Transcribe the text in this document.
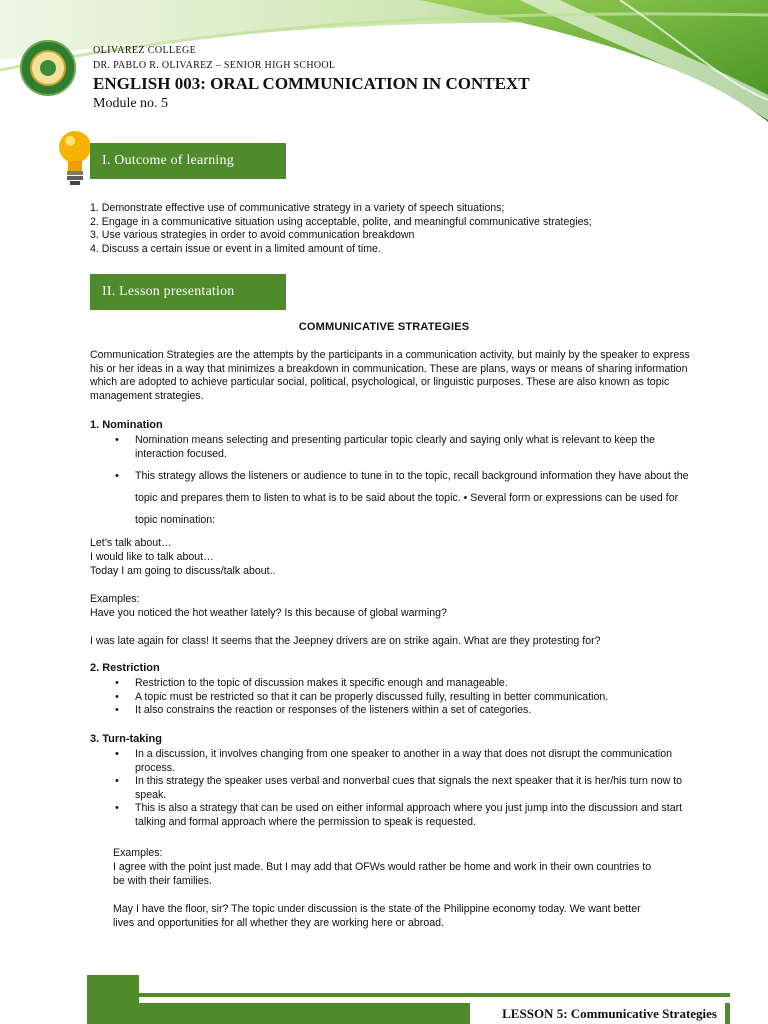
OLIVAREZ COLLEGE
DR. PABLO R. OLIVAREZ – SENIOR HIGH SCHOOL
ENGLISH 003: ORAL COMMUNICATION IN CONTEXT
Module no. 5
I. Outcome of learning
1. Demonstrate effective use of communicative strategy in a variety of speech situations;
2. Engage in a communicative situation using acceptable, polite, and meaningful communicative strategies;
3. Use various strategies in order to avoid communication breakdown
4. Discuss a certain issue or event in a limited amount of time.
II. Lesson presentation
COMMUNICATIVE STRATEGIES
Communication Strategies are the attempts by the participants in a communication activity, but mainly by the speaker to express his or her ideas in a way that minimizes a breakdown in communication. These are plans, ways or means of sharing information which are adopted to achieve particular social, political, psychological, or linguistic purposes. These are also known as topic management strategies.
1. Nomination
• Nomination means selecting and presenting particular topic clearly and saying only what is relevant to keep the interaction focused.
• This strategy allows the listeners or audience to tune in to the topic, recall background information they have about the topic and prepares them to listen to what is to be said about the topic. • Several form or expressions can be used for topic nomination:
Let’s talk about…
I would like to talk about…
Today I am going to discuss/talk about..
Examples:
Have you noticed the hot weather lately? Is this because of global warming?
I was late again for class! It seems that the Jeepney drivers are on strike again. What are they protesting for?
2. Restriction
• Restriction to the topic of discussion makes it specific enough and manageable.
• A topic must be restricted so that it can be properly discussed fully, resulting in better communication.
• It also constrains the reaction or responses of the listeners within a set of categories.
3. Turn-taking
• In a discussion, it involves changing from one speaker to another in a way that does not disrupt the communication process.
• In this strategy the speaker uses verbal and nonverbal cues that signals the next speaker that it is her/his turn now to speak.
• This is also a strategy that can be used on either informal approach where you just jump into the discussion and start talking and formal approach where the permission to speak is requested.
Examples:
I agree with the point just made. But I may add that OFWs would rather be home and work in their own countries to be with their families.
May I have the floor, sir? The topic under discussion is the state of the Philippine economy today. We want better lives and opportunities for all whether they are working here or abroad.
LESSON 5: Communicative Strategies
